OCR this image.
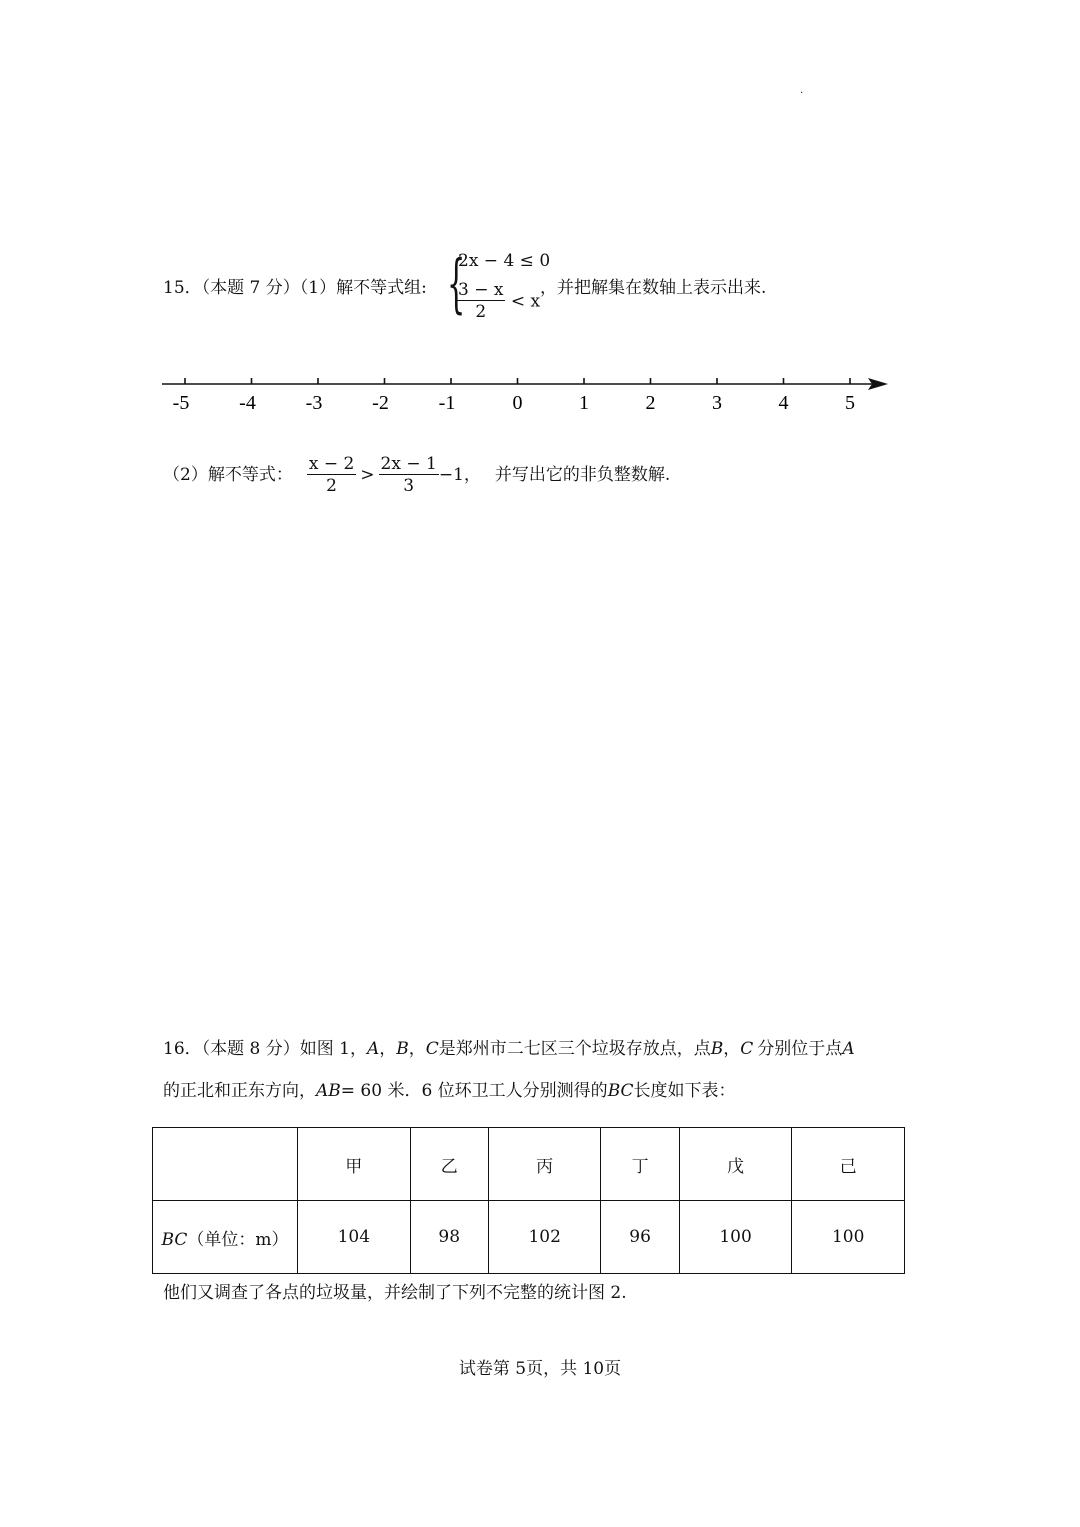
.
15．（本题 7 分）（1）解不等式组: {
2x − 4 ≤ 0
$\frac{3 - x}{2} < x$
，并把解集在数轴上表示出来.
-5 -4 -3 -2 -1	0	1	2	3	4	5
（2）解不等式： $\frac{x - 2}{2} > \frac{2x - 1}{3} -1$， 并写出它的非负整数解.
16．（本题 8 分）如图 1，A，B，C是郑州市二七区三个垃圾存放点，点B，C 分别位于点A
的正北和正东方向，AB= 60 米．6 位环卫工人分别测得的BC长度如下表：
	甲	乙	丙	丁	戊	己
BC（单位：m）	104	98	102	96	100	100
他们又调查了各点的垃圾量，并绘制了下列不完整的统计图 2.
试卷第 5页，共 10页
